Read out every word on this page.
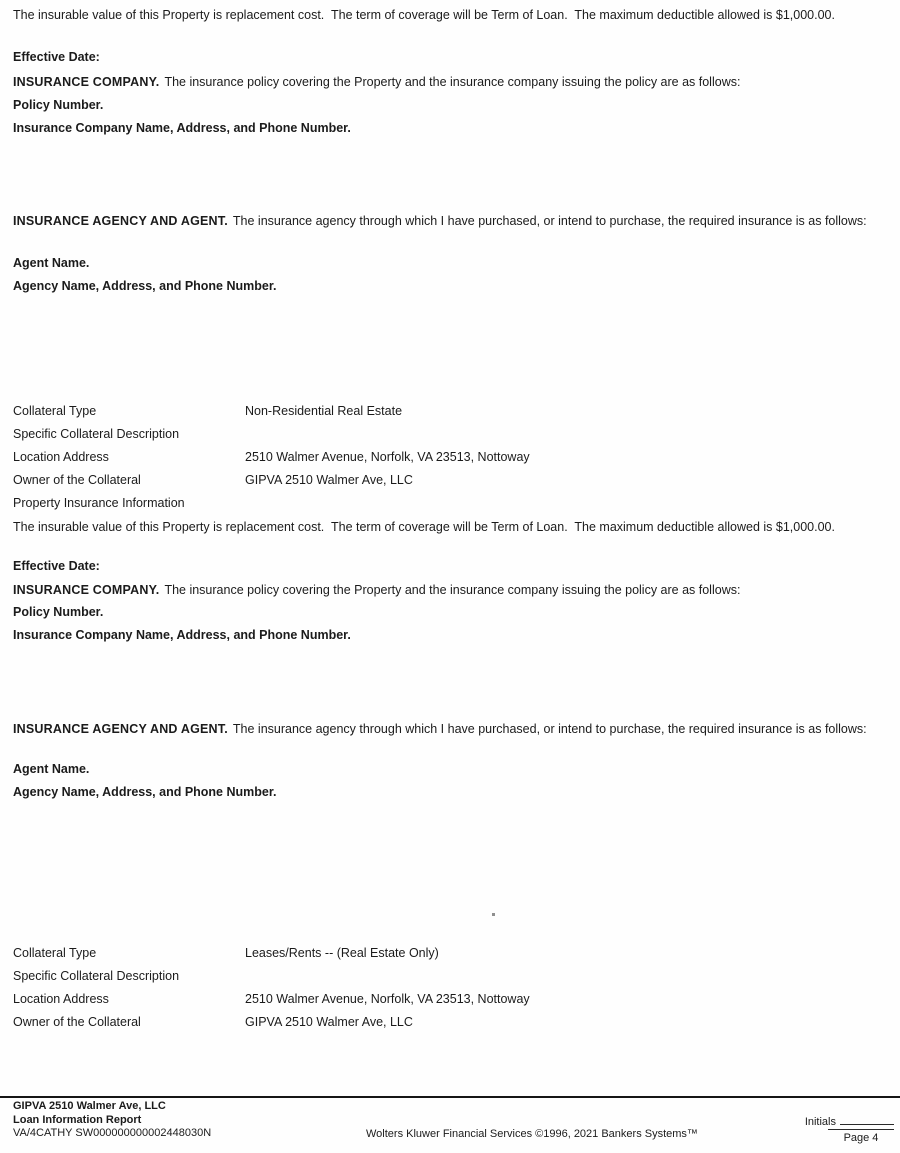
The insurable value of this Property is replacement cost.  The term of coverage will be Term of Loan.  The maximum deductible allowed is $1,000.00.

Effective Date:

INSURANCE COMPANY. The insurance policy covering the Property and the insurance company issuing the policy are as follows:

Policy Number.

Insurance Company Name, Address, and Phone Number.

INSURANCE AGENCY AND AGENT. The insurance agency through which I have purchased, or intend to purchase, the required insurance is as follows:

Agent Name.

Agency Name, Address, and Phone Number.

Collateral Type	Non-Residential Real Estate
Specific Collateral Description
Location Address	2510 Walmer Avenue, Norfolk, VA 23513, Nottoway
Owner of the Collateral	GIPVA 2510 Walmer Ave, LLC
Property Insurance Information

The insurable value of this Property is replacement cost.  The term of coverage will be Term of Loan.  The maximum deductible allowed is $1,000.00.

Effective Date:

INSURANCE COMPANY. The insurance policy covering the Property and the insurance company issuing the policy are as follows:

Policy Number.

Insurance Company Name, Address, and Phone Number.

INSURANCE AGENCY AND AGENT. The insurance agency through which I have purchased, or intend to purchase, the required insurance is as follows:

Agent Name.

Agency Name, Address, and Phone Number.

Collateral Type	Leases/Rents -- (Real Estate Only)
Specific Collateral Description
Location Address	2510 Walmer Avenue, Norfolk, VA 23513, Nottoway
Owner of the Collateral	GIPVA 2510 Walmer Ave, LLC
GIPVA 2510 Walmer Ave, LLC
Loan Information Report
VA/4CATHY SW000000000002448030N	Wolters Kluwer Financial Services ©1996, 2021 Bankers Systems™
Initials
Page 4
